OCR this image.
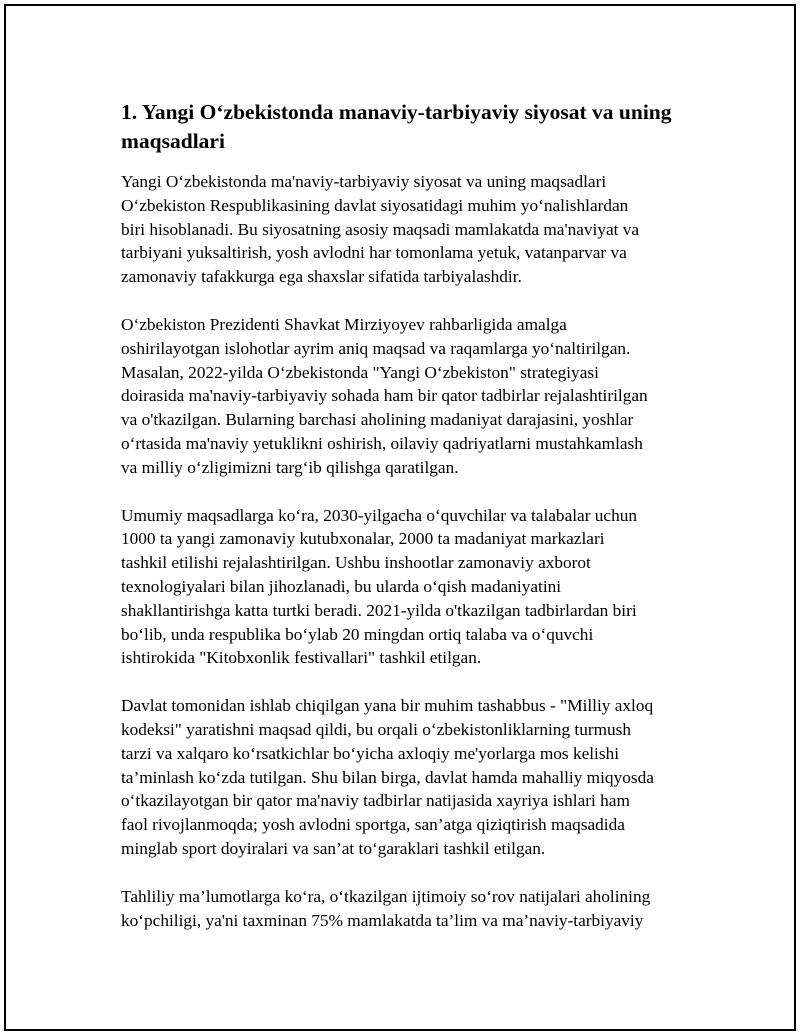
1. Yangi O‘zbekistonda manaviy-tarbiyaviy siyosat va uning
maqsadlari
Yangi O‘zbekistonda ma'naviy-tarbiyaviy siyosat va uning maqsadlari
O‘zbekiston Respublikasining davlat siyosatidagi muhim yo‘nalishlardan
biri hisoblanadi. Bu siyosatning asosiy maqsadi mamlakatda ma'naviyat va
tarbiyani yuksaltirish, yosh avlodni har tomonlama yetuk, vatanparvar va
zamonaviy tafakkurga ega shaxslar sifatida tarbiyalashdir.
O‘zbekiston Prezidenti Shavkat Mirziyoyev rahbarligida amalga
oshirilayotgan islohotlar ayrim aniq maqsad va raqamlarga yo‘naltirilgan.
Masalan, 2022-yilda O‘zbekistonda "Yangi O‘zbekiston" strategiyasi
doirasida ma'naviy-tarbiyaviy sohada ham bir qator tadbirlar rejalashtirilgan
va o'tkazilgan. Bularning barchasi aholining madaniyat darajasini, yoshlar
o‘rtasida ma'naviy yetuklikni oshirish, oilaviy qadriyatlarni mustahkamlash
va milliy o‘zligimizni targ‘ib qilishga qaratilgan.
Umumiy maqsadlarga ko‘ra, 2030-yilgacha o‘quvchilar va talabalar uchun
1000 ta yangi zamonaviy kutubxonalar, 2000 ta madaniyat markazlari
tashkil etilishi rejalashtirilgan. Ushbu inshootlar zamonaviy axborot
texnologiyalari bilan jihozlanadi, bu ularda o‘qish madaniyatini
shakllantirishga katta turtki beradi. 2021-yilda o'tkazilgan tadbirlardan biri
bo‘lib, unda respublika bo‘ylab 20 mingdan ortiq talaba va o‘quvchi
ishtirokida "Kitobxonlik festivallari" tashkil etilgan.
Davlat tomonidan ishlab chiqilgan yana bir muhim tashabbus - "Milliy axloq
kodeksi" yaratishni maqsad qildi, bu orqali o‘zbekistonliklarning turmush
tarzi va xalqaro ko‘rsatkichlar bo‘yicha axloqiy me'yorlarga mos kelishi
ta’minlash ko‘zda tutilgan. Shu bilan birga, davlat hamda mahalliy miqyosda
o‘tkazilayotgan bir qator ma'naviy tadbirlar natijasida xayriya ishlari ham
faol rivojlanmoqda; yosh avlodni sportga, san’atga qiziqtirish maqsadida
minglab sport doyiralari va san’at to‘garaklari tashkil etilgan.
Tahliliy ma’lumotlarga ko‘ra, o‘tkazilgan ijtimoiy so‘rov natijalari aholining
ko‘pchiligi, ya'ni taxminan 75% mamlakatda ta’lim va ma’naviy-tarbiyaviy
